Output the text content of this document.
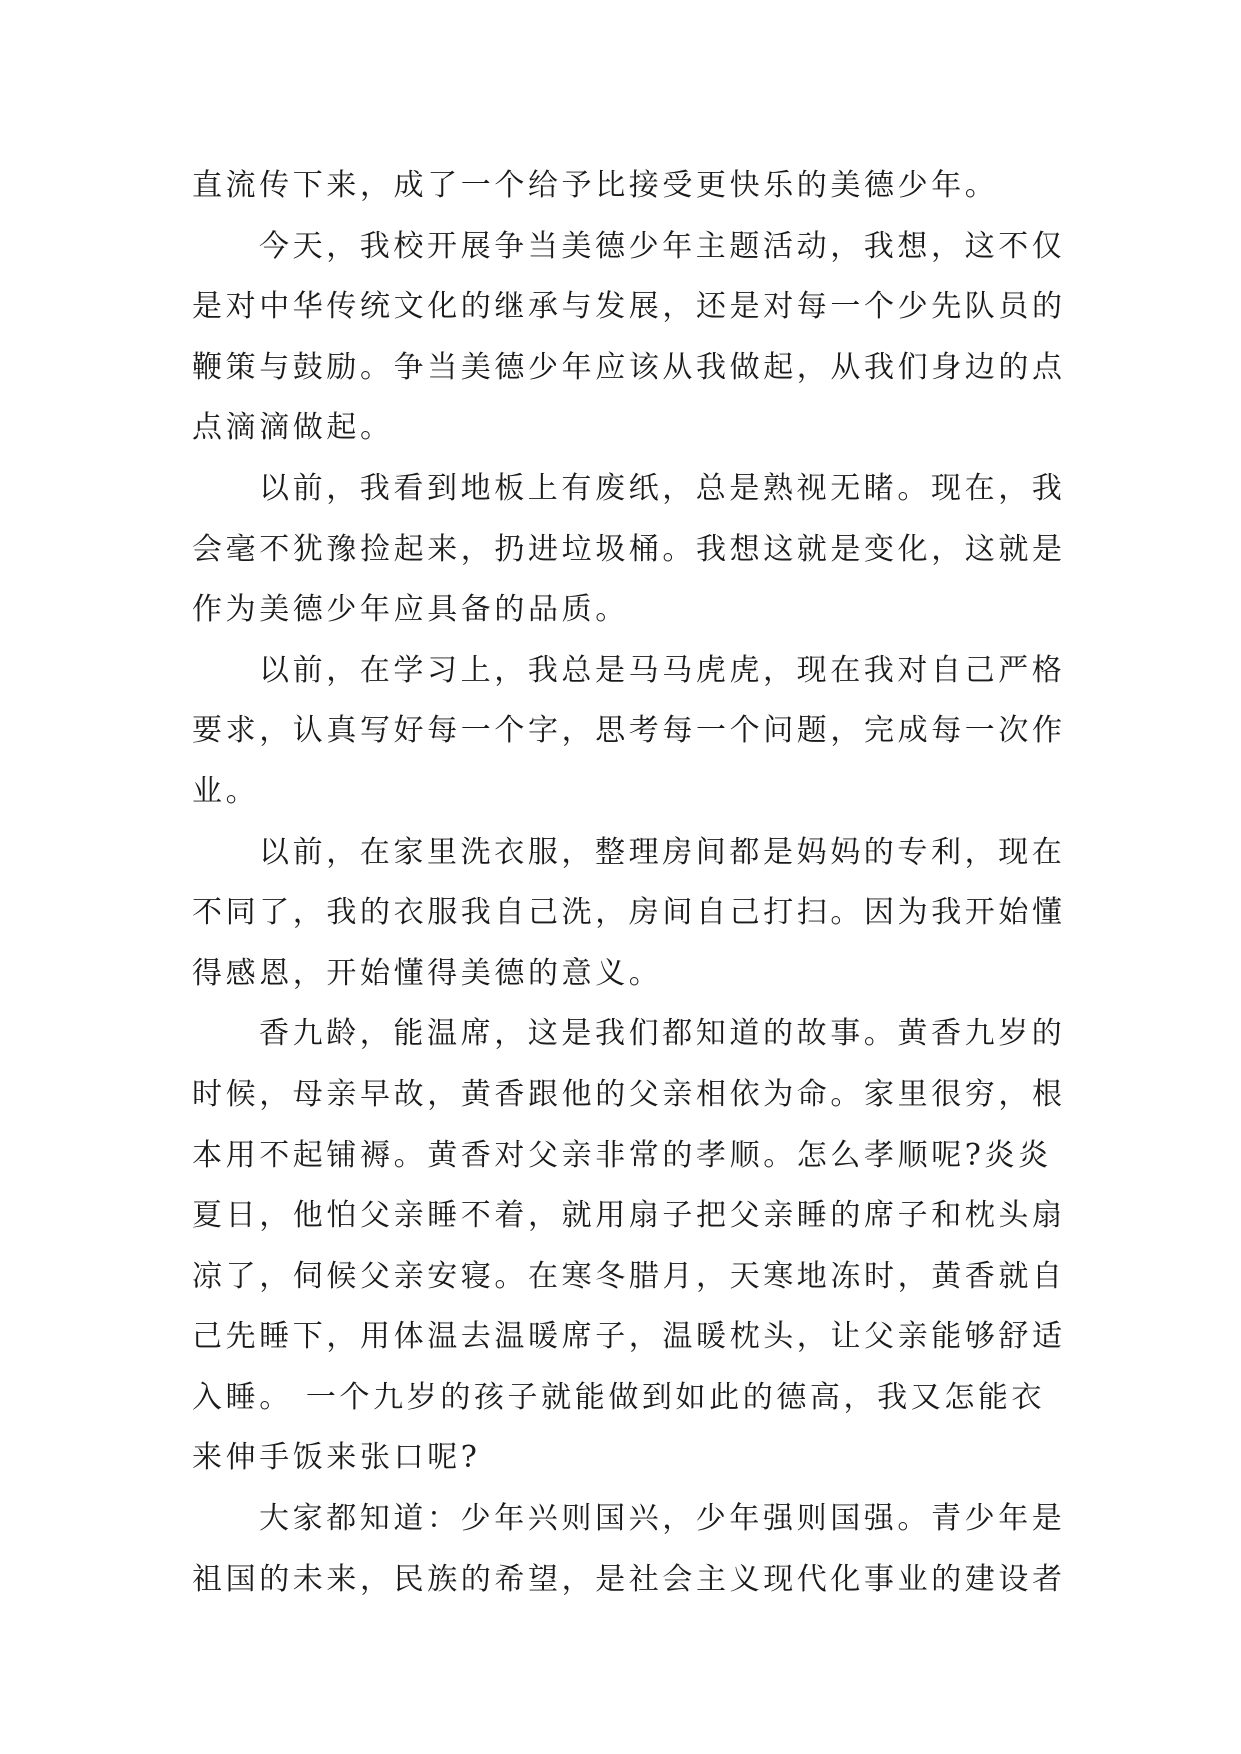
直流传下来，成了一个给予比接受更快乐的美德少年。
今天，我校开展争当美德少年主题活动，我想，这不仅
是对中华传统文化的继承与发展，还是对每一个少先队员的
鞭策与鼓励。争当美德少年应该从我做起，从我们身边的点
点滴滴做起。
以前，我看到地板上有废纸，总是熟视无睹。现在，我
会毫不犹豫捡起来，扔进垃圾桶。我想这就是变化，这就是
作为美德少年应具备的品质。
以前，在学习上，我总是马马虎虎，现在我对自己严格
要求，认真写好每一个字，思考每一个问题，完成每一次作
业。
以前，在家里洗衣服，整理房间都是妈妈的专利，现在
不同了，我的衣服我自己洗，房间自己打扫。因为我开始懂
得感恩，开始懂得美德的意义。
香九龄，能温席，这是我们都知道的故事。黄香九岁的
时候，母亲早故，黄香跟他的父亲相依为命。家里很穷，根
本用不起铺褥。黄香对父亲非常的孝顺。怎么孝顺呢?炎炎
夏日，他怕父亲睡不着，就用扇子把父亲睡的席子和枕头扇
凉了，伺候父亲安寝。在寒冬腊月，天寒地冻时，黄香就自
己先睡下，用体温去温暖席子，温暖枕头，让父亲能够舒适
入睡。 一个九岁的孩子就能做到如此的德高，我又怎能衣
来伸手饭来张口呢?
大家都知道：少年兴则国兴，少年强则国强。青少年是
祖国的未来，民族的希望，是社会主义现代化事业的建设者
